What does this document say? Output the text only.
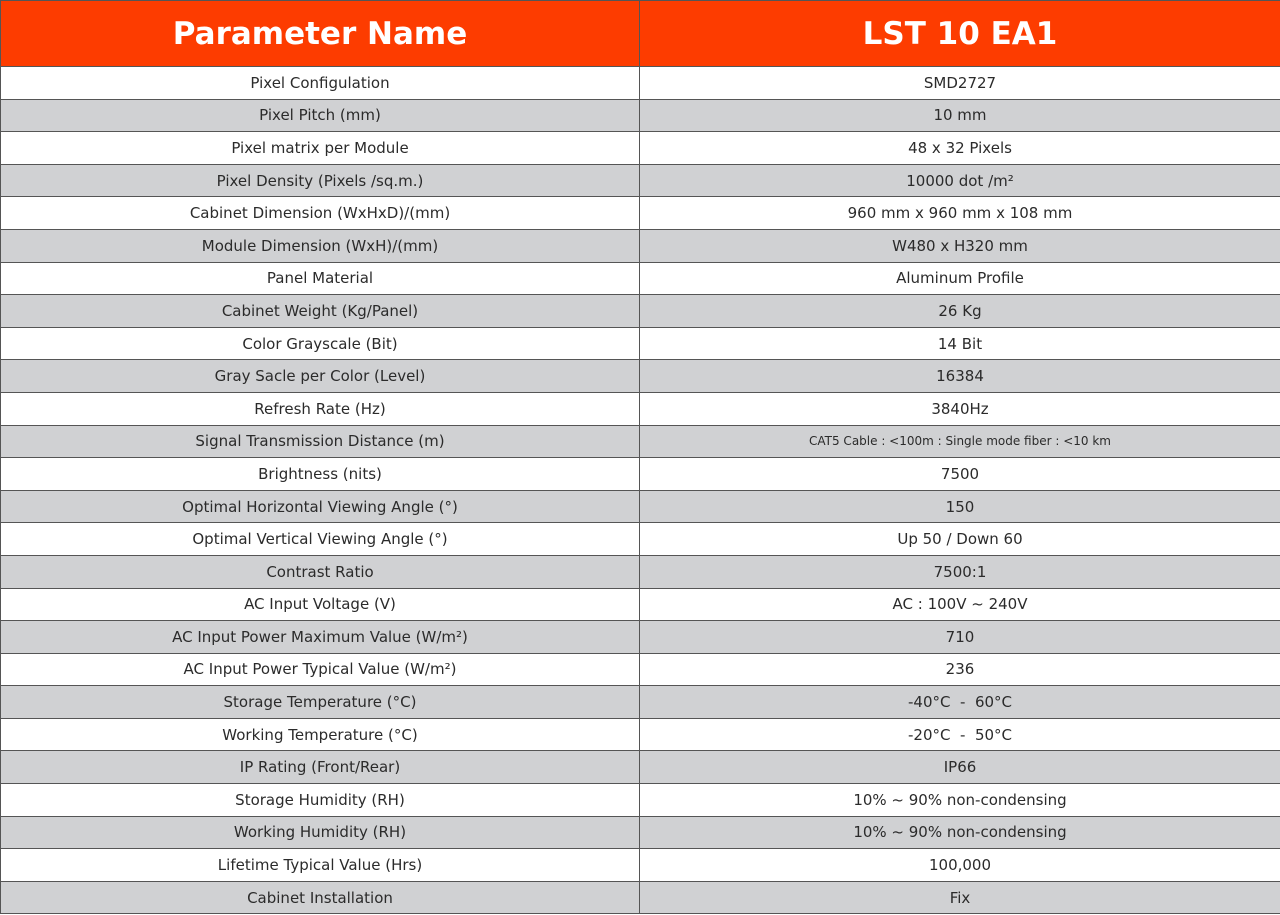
Parameter Name	LST 10 EA1
Pixel Configulation	SMD2727
Pixel Pitch (mm)	10 mm
Pixel matrix per Module	48 x 32 Pixels
Pixel Density (Pixels /sq.m.)	10000 dot /m²
Cabinet Dimension (WxHxD)/(mm)	960 mm x 960 mm x 108 mm
Module Dimension (WxH)/(mm)	W480 x H320 mm
Panel Material	Aluminum Profile
Cabinet Weight (Kg/Panel)	26 Kg
Color Grayscale (Bit)	14 Bit
Gray Sacle per Color (Level)	16384
Refresh Rate (Hz)	3840Hz
Signal Transmission Distance (m)	CAT5 Cable : <100m : Single mode fiber : <10 km
Brightness (nits)	7500
Optimal Horizontal Viewing Angle (°)	150
Optimal Vertical Viewing Angle (°)	Up 50 / Down 60
Contrast Ratio	7500:1
AC Input Voltage (V)	AC : 100V ~ 240V
AC Input Power Maximum Value (W/m²)	710
AC Input Power Typical Value (W/m²)	236
Storage Temperature (°C)	-40°C  -  60°C
Working Temperature (°C)	-20°C  -  50°C
IP Rating (Front/Rear)	IP66
Storage Humidity (RH)	10% ~ 90% non-condensing
Working Humidity (RH)	10% ~ 90% non-condensing
Lifetime Typical Value (Hrs)	100,000
Cabinet Installation	Fix
